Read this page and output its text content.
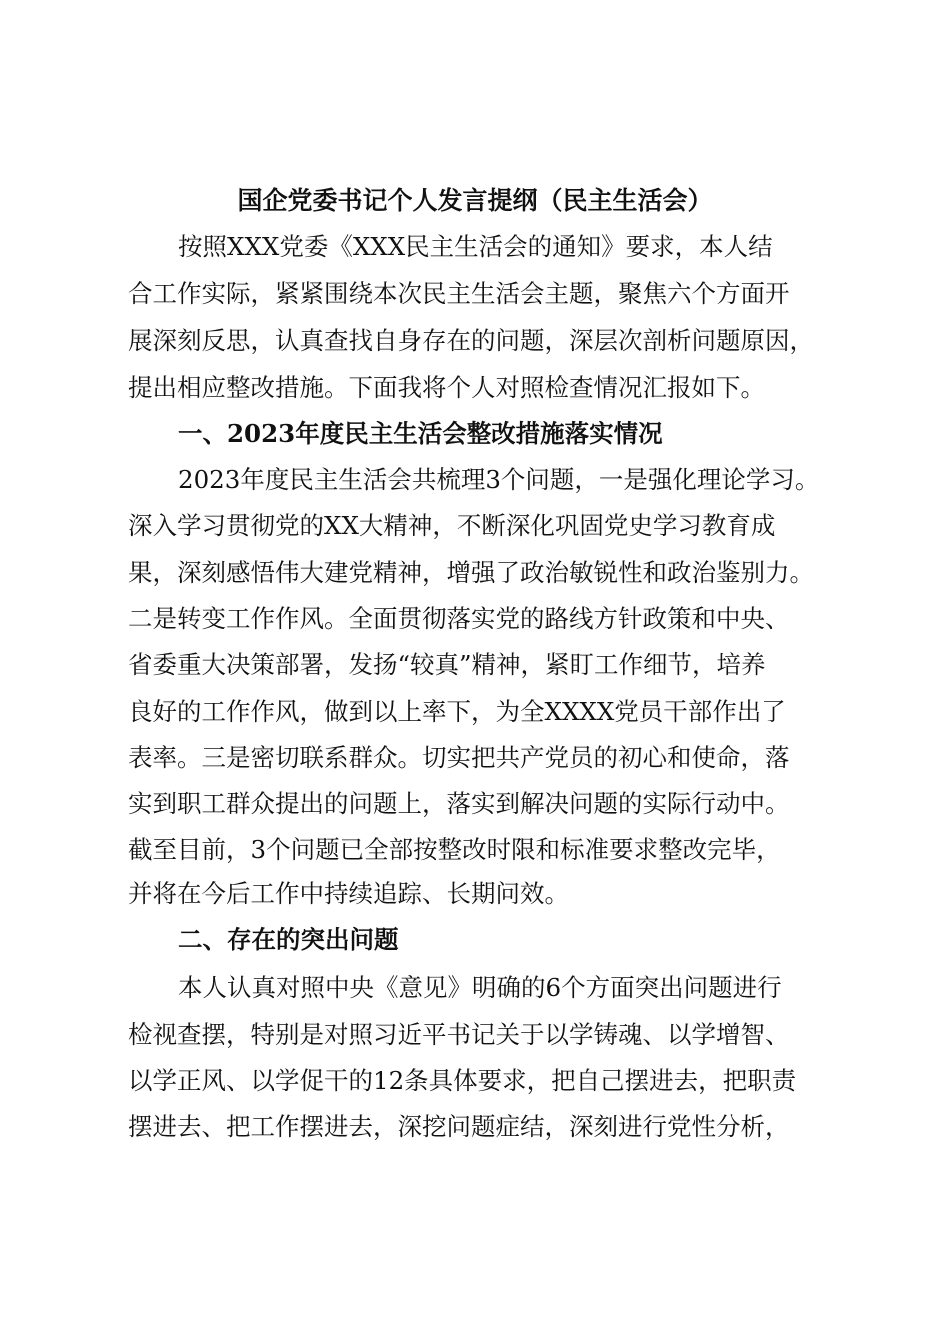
国企党委书记个人发言提纲（民主生活会）
按照XXX党委《XXX民主生活会的通知》要求，本人结
合工作实际，紧紧围绕本次民主生活会主题，聚焦六个方面开
展深刻反思，认真查找自身存在的问题，深层次剖析问题原因，
提出相应整改措施。下面我将个人对照检查情况汇报如下。
一、2023年度民主生活会整改措施落实情况
2023年度民主生活会共梳理3个问题，一是强化理论学习。
深入学习贯彻党的XX大精神，不断深化巩固党史学习教育成
果，深刻感悟伟大建党精神，增强了政治敏锐性和政治鉴别力。
二是转变工作作风。全面贯彻落实党的路线方针政策和中央、
省委重大决策部署，发扬“较真”精神，紧盯工作细节，培养
良好的工作作风，做到以上率下，为全XXXX党员干部作出了
表率。三是密切联系群众。切实把共产党员的初心和使命，落
实到职工群众提出的问题上，落实到解决问题的实际行动中。
截至目前，3个问题已全部按整改时限和标准要求整改完毕，
并将在今后工作中持续追踪、长期问效。
二、存在的突出问题
本人认真对照中央《意见》明确的6个方面突出问题进行
检视查摆，特别是对照习近平书记关于以学铸魂、以学增智、
以学正风、以学促干的12条具体要求，把自己摆进去，把职责
摆进去、把工作摆进去，深挖问题症结，深刻进行党性分析，
